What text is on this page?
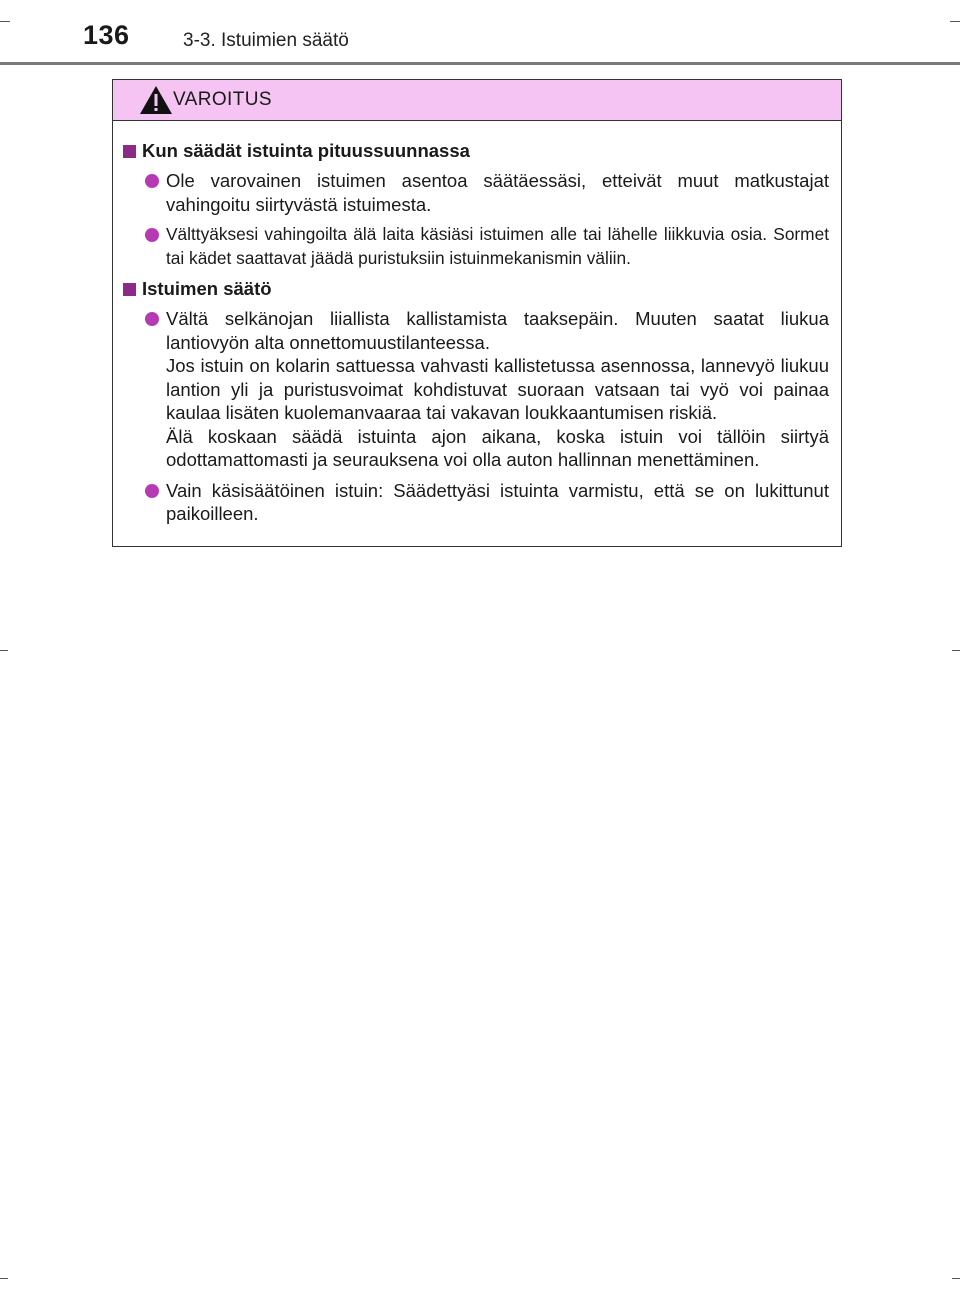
136	3-3. Istuimien säätö
VAROITUS
Kun säädät istuinta pituussuunnassa
Ole varovainen istuimen asentoa säätäessäsi, etteivät muut matkustajat vahingoitu siirtyvästä istuimesta.
Välttyäksesi vahingoilta älä laita käsiäsi istuimen alle tai lähelle liikkuvia osia. Sormet tai kädet saattavat jäädä puristuksiin istuinmekanismin väliin.
Istuimen säätö
Vältä selkänojan liiallista kallistamista taaksepäin. Muuten saatat liukua lantiovyön alta onnettomuustilanteessa.
Jos istuin on kolarin sattuessa vahvasti kallistetussa asennossa, lannevyö liukuu lantion yli ja puristusvoimat kohdistuvat suoraan vatsaan tai vyö voi painaa kaulaa lisäten kuolemanvaaraa tai vakavan loukkaantumisen riskiä.
Älä koskaan säädä istuinta ajon aikana, koska istuin voi tällöin siirtyä odottamattomasti ja seurauksena voi olla auton hallinnan menettäminen.
Vain käsisäätöinen istuin: Säädettyäsi istuinta varmistu, että se on lukittunut paikoilleen.
